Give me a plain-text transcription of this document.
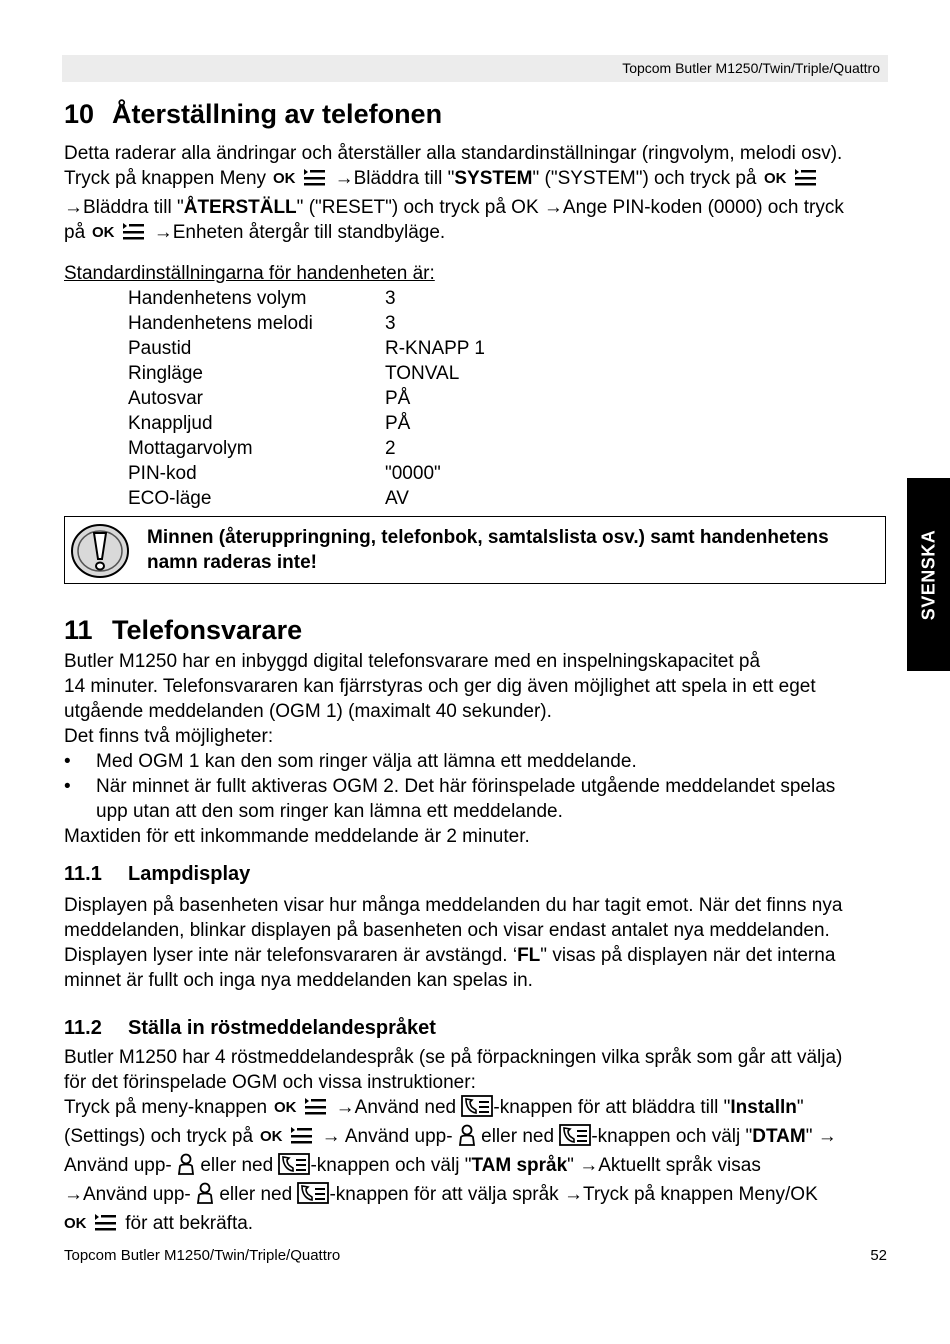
Topcom Butler M1250/Twin/Triple/Quattro
SVENSKA
10 Återställning av telefonen

Detta raderar alla ändringar och återställer alla standardinställningar (ringvolym, melodi osv).
Tryck på knappen Meny OK →Bläddra till "SYSTEM" ("SYSTEM") och tryck på OK

→Bläddra till "ÅTERSTÄLL" ("RESET") och tryck på OK →Ange PIN-koden (0000) och tryck
på OK →Enheten återgår till standbyläge.

Standardinställningarna för handenheten är:

Handenhetens volym	3
Handenhetens melodi	3
Paustid	R-KNAPP 1
Ringläge	TONVAL
Autosvar	PÅ
Knappljud	PÅ
Mottagarvolym	2
PIN-kod	"0000"
ECO-läge	AV
Minnen (återuppringning, telefonbok, samtalslista osv.) samt handenhetens namn raderas inte!
11 Telefonsvarare

Butler M1250 har en inbyggd digital telefonsvarare med en inspelningskapacitet på
14 minuter. Telefonsvararen kan fjärrstyras och ger dig även möjlighet att spela in ett eget
utgående meddelanden (OGM 1) (maximalt 40 sekunder).
Det finns två möjligheter:

•	Med OGM 1 kan den som ringer välja att lämna ett meddelande.
•	När minnet är fullt aktiveras OGM 2. Det här förinspelade utgående meddelandet spelas
upp utan att den som ringer kan lämna ett meddelande.

Maxtiden för ett inkommande meddelande är 2 minuter.

11.1 Lampdisplay

Displayen på basenheten visar hur många meddelanden du har tagit emot. När det finns nya
meddelanden, blinkar displayen på basenheten och visar endast antalet nya meddelanden.
Displayen lyser inte när telefonsvararen är avstängd. ‘FL" visas på displayen när det interna
minnet är fullt och inga nya meddelanden kan spelas in.

11.2 Ställa in röstmeddelandespråket

Butler M1250 har 4 röstmeddelandespråk (se på förpackningen vilka språk som går att välja)
för det förinspelade OGM och vissa instruktioner:
Tryck på meny-knappen OK →Använd ned -knappen för att bläddra till "Installn"
(Settings) och tryck på OK → Använd upp- eller ned -knappen och välj "DTAM" →
Använd upp- eller ned -knappen och välj "TAM språk" →Aktuellt språk visas
→Använd upp- eller ned -knappen för att välja språk →Tryck på knappen Meny/OK

OK för att bekräfta.

Topcom Butler M1250/Twin/Triple/Quattro	52
